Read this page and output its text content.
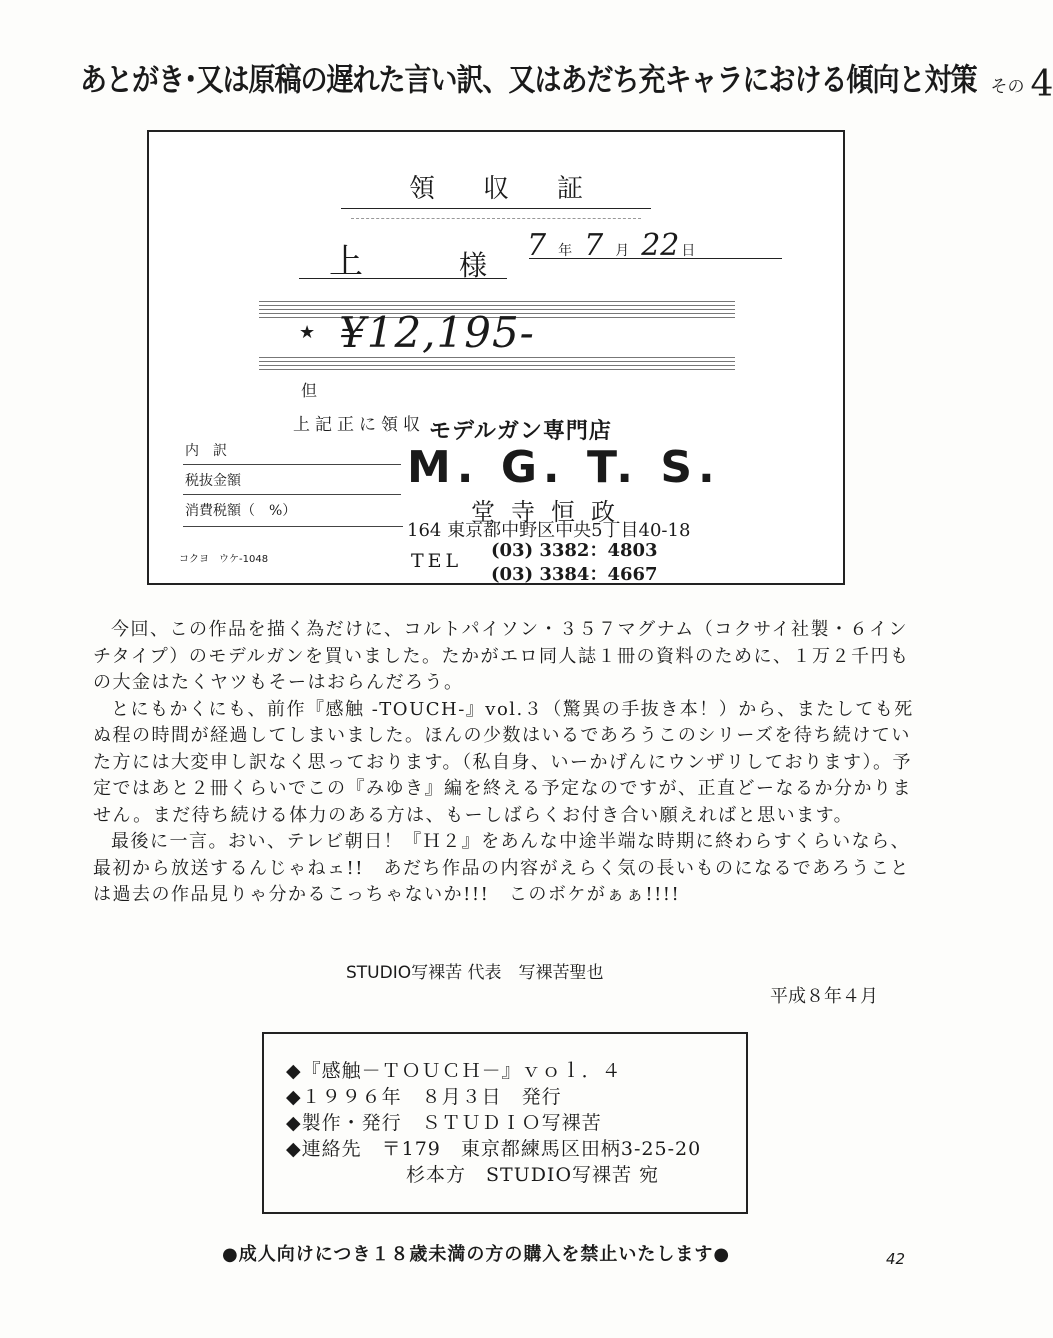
あとがき･又は原稿の遅れた言い訳、又はあだち充キャラにおける傾向と対策 その 4
領収証
上	様
7 年 7 月 22 日
★ ¥12,195-
但
上記正に領収 モデルガン専門店
内　訳
税抜金額
消費税額（　%）
M. G. T. S.
堂寺恒政
164 東京都中野区中央5丁目40-18
TEL (03) 3382：4803
(03) 3384：4667
コクヨ　ウケ-1048

今回、この作品を描く為だけに、コルトパイソン・３５７マグナム（コクサイ社製・６インチタイプ）のモデルガンを買いました。たかがエロ同人誌１冊の資料のために、１万２千円もの大金はたくヤツもそーはおらんだろう。

とにもかくにも、前作『感触 -TOUCH-』vol.３（驚異の手抜き本！）から、またしても死ぬ程の時間が経過してしまいました。ほんの少数はいるであろうこのシリーズを待ち続けていた方には大変申し訳なく思っております。（私自身、いーかげんにウンザリしております）。予定ではあと２冊くらいでこの『みゆき』編を終える予定なのですが、正直どーなるか分かりません。まだ待ち続ける体力のある方は、もーしばらくお付き合い願えればと思います。

最後に一言。おい、テレビ朝日！『Ｈ２』をあんな中途半端な時期に終わらすくらいなら、最初から放送するんじゃねェ!!　あだち作品の内容がえらく気の長いものになるであろうことは過去の作品見りゃ分かるこっちゃないか!!!　このボケがぁぁ!!!!

STUDIO写裸苦 代表　写裸苦聖也
平成８年４月
◆『感触－ＴＯＵＣＨ－』ｖｏｌ．４
◆１９９６年　８月３日　発行
◆製作・発行　ＳＴＵＤＩＯ写裸苦
◆連絡先　〒179　東京都練馬区田柄3-25-20
　　　　　　杉本方　STUDIO写裸苦 宛
●成人向けにつき１８歳未満の方の購入を禁止いたします●	42
